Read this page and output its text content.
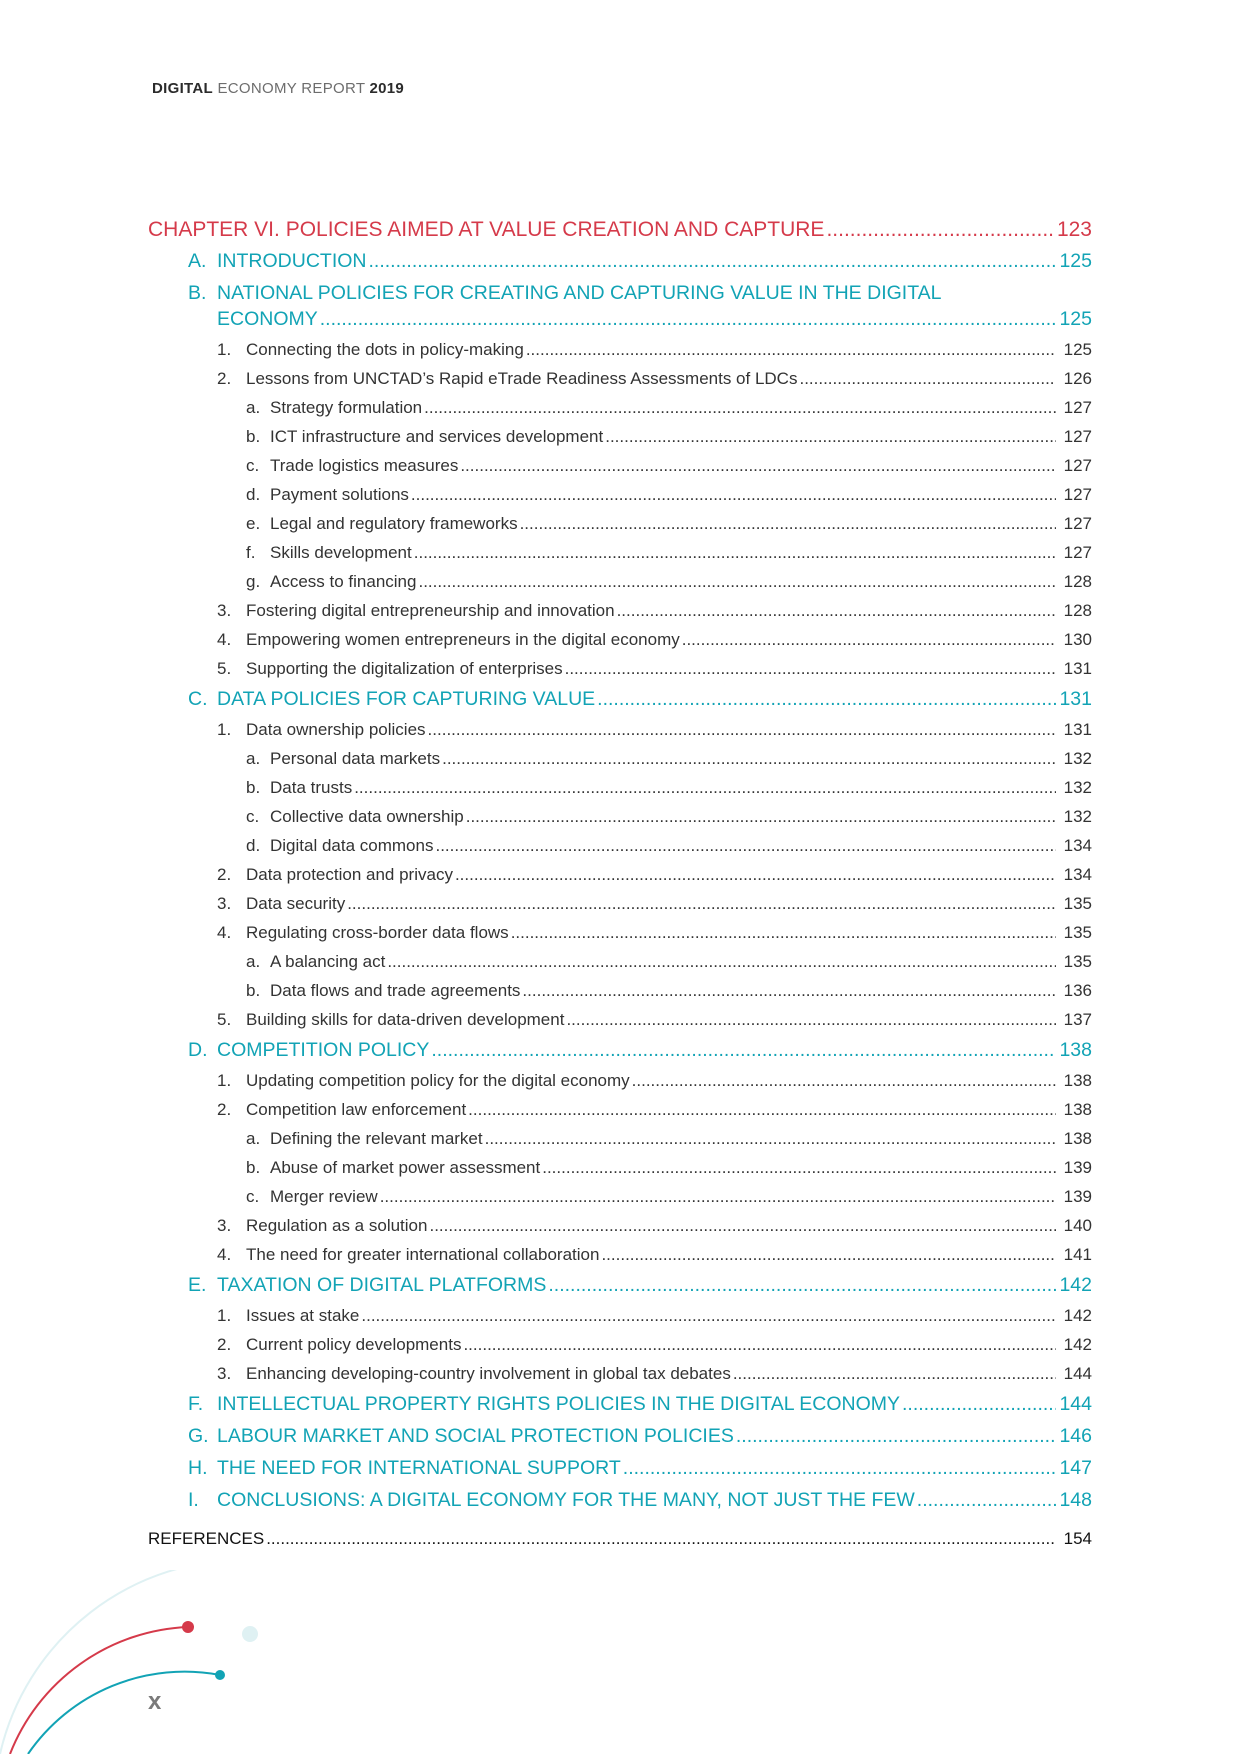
DIGITAL ECONOMY REPORT 2019
CHAPTER VI. POLICIES AIMED AT VALUE CREATION AND CAPTURE .....	123
A. INTRODUCTION .....	125
B. NATIONAL POLICIES FOR CREATING AND CAPTURING VALUE IN THE DIGITAL
ECONOMY .....	125
1. Connecting the dots in policy-making .....	125
2. Lessons from UNCTAD’s Rapid eTrade Readiness Assessments of LDCs .....	126
a. Strategy formulation .....	127
b. ICT infrastructure and services development .....	127
c. Trade logistics measures .....	127
d. Payment solutions .....	127
e. Legal and regulatory frameworks .....	127
f. Skills development .....	127
g. Access to financing .....	128
3. Fostering digital entrepreneurship and innovation .....	128
4. Empowering women entrepreneurs in the digital economy .....	130
5. Supporting the digitalization of enterprises .....	131
C. DATA POLICIES FOR CAPTURING VALUE .....	131
1. Data ownership policies .....	131
a. Personal data markets .....	132
b. Data trusts .....	132
c. Collective data ownership .....	132
d. Digital data commons .....	134
2. Data protection and privacy .....	134
3. Data security .....	135
4. Regulating cross-border data flows .....	135
a. A balancing act .....	135
b. Data flows and trade agreements .....	136
5. Building skills for data-driven development .....	137
D. COMPETITION POLICY .....	138
1. Updating competition policy for the digital economy .....	138
2. Competition law enforcement .....	138
a. Defining the relevant market .....	138
b. Abuse of market power assessment .....	139
c. Merger review .....	139
3. Regulation as a solution .....	140
4. The need for greater international collaboration .....	141
E. TAXATION OF DIGITAL PLATFORMS .....	142
1. Issues at stake .....	142
2. Current policy developments .....	142
3. Enhancing developing-country involvement in global tax debates .....	144
F. INTELLECTUAL PROPERTY RIGHTS POLICIES IN THE DIGITAL ECONOMY .....	144
G. LABOUR MARKET AND SOCIAL PROTECTION POLICIES .....	146
H. THE NEED FOR INTERNATIONAL SUPPORT .....	147
I. CONCLUSIONS: A DIGITAL ECONOMY FOR THE MANY, NOT JUST THE FEW .....	148
REFERENCES .....	154
x
